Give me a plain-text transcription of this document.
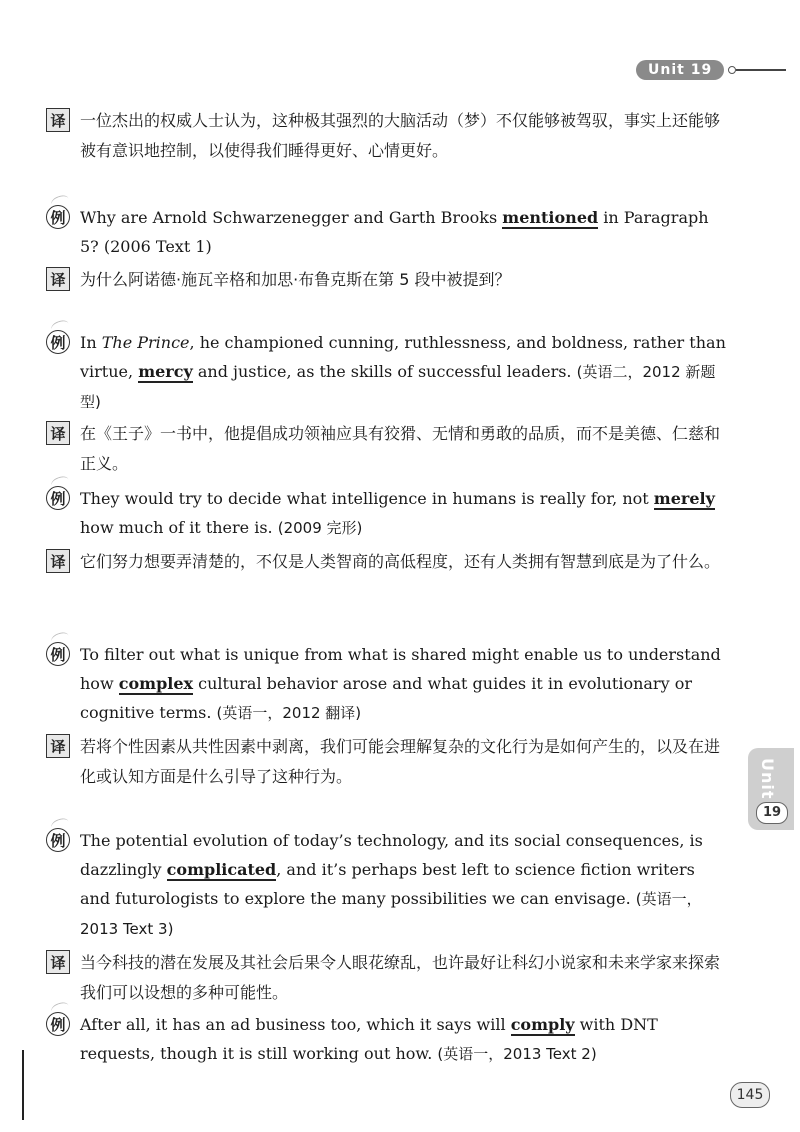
Unit 19
译 一位杰出的权威人士认为，这种极其强烈的大脑活动（梦）不仅能够被驾驭，事实上还能够被有意识地控制，以使得我们睡得更好、心情更好。
例 Why are Arnold Schwarzenegger and Garth Brooks mentioned in Paragraph 5? (2006 Text 1)
译 为什么阿诺德·施瓦辛格和加思·布鲁克斯在第 5 段中被提到？
例 In The Prince, he championed cunning, ruthlessness, and boldness, rather than virtue, mercy and justice, as the skills of successful leaders. (英语二，2012 新题型)
译 在《王子》一书中，他提倡成功领袖应具有狡猾、无情和勇敢的品质，而不是美德、仁慈和正义。
例 They would try to decide what intelligence in humans is really for, not merely how much of it there is. (2009 完形)
译 它们努力想要弄清楚的，不仅是人类智商的高低程度，还有人类拥有智慧到底是为了什么。
例 To filter out what is unique from what is shared might enable us to understand how complex cultural behavior arose and what guides it in evolutionary or cognitive terms. (英语一，2012 翻译)
译 若将个性因素从共性因素中剥离，我们可能会理解复杂的文化行为是如何产生的，以及在进化或认知方面是什么引导了这种行为。
例 The potential evolution of today’s technology, and its social consequences, is dazzlingly complicated, and it’s perhaps best left to science fiction writers and futurologists to explore the many possibilities we can envisage. (英语一，2013 Text 3)
译 当今科技的潜在发展及其社会后果令人眼花缭乱，也许最好让科幻小说家和未来学家来探索我们可以设想的多种可能性。
例 After all, it has an ad business too, which it says will comply with DNT requests, though it is still working out how. (英语一，2013 Text 2)
Unit
19
145
